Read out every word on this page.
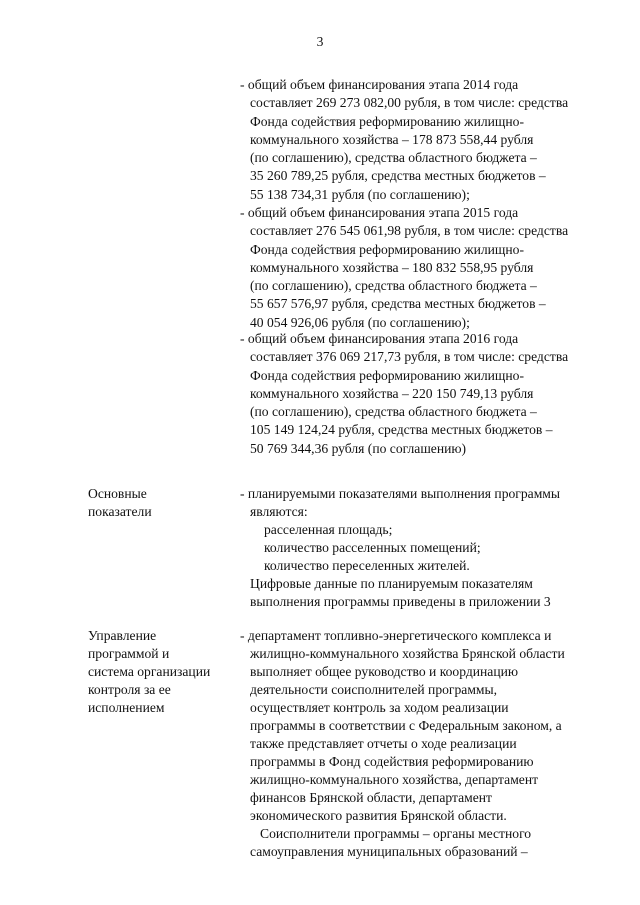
3
- общий объем финансирования этапа 2014 года
составляет 269 273 082,00 рубля, в том числе: средства
Фонда содействия реформированию жилищно-
коммунального хозяйства – 178 873 558,44 рубля
(по соглашению), средства областного бюджета –
35 260 789,25 рубля, средства местных бюджетов –
55 138 734,31 рубля (по соглашению);
- общий объем финансирования этапа 2015 года
составляет 276 545 061,98 рубля, в том числе: средства
Фонда содействия реформированию жилищно-
коммунального хозяйства – 180 832 558,95 рубля
(по соглашению), средства областного бюджета –
55 657 576,97 рубля, средства местных бюджетов –
40 054 926,06 рубля (по соглашению);
- общий объем финансирования этапа 2016 года
составляет 376 069 217,73 рубля, в том числе: средства
Фонда содействия реформированию жилищно-
коммунального хозяйства – 220 150 749,13 рубля
(по соглашению), средства областного бюджета –
105 149 124,24 рубля, средства местных бюджетов –
50 769 344,36 рубля (по соглашению)
Основные
показатели
- планируемыми показателями выполнения программы
являются:
расселенная площадь;
количество расселенных помещений;
количество переселенных жителей.
Цифровые данные по планируемым показателям
выполнения программы приведены в приложении 3
Управление
программой и
система организации
контроля за ее
исполнением
- департамент топливно-энергетического комплекса и
жилищно-коммунального хозяйства Брянской области
выполняет общее руководство и координацию
деятельности соисполнителей программы,
осуществляет контроль за ходом реализации
программы в соответствии с Федеральным законом, а
также представляет отчеты о ходе реализации
программы в Фонд содействия реформированию
жилищно-коммунального хозяйства, департамент
финансов Брянской области, департамент
экономического развития Брянской области.
Соисполнители программы – органы местного
самоуправления муниципальных образований –
